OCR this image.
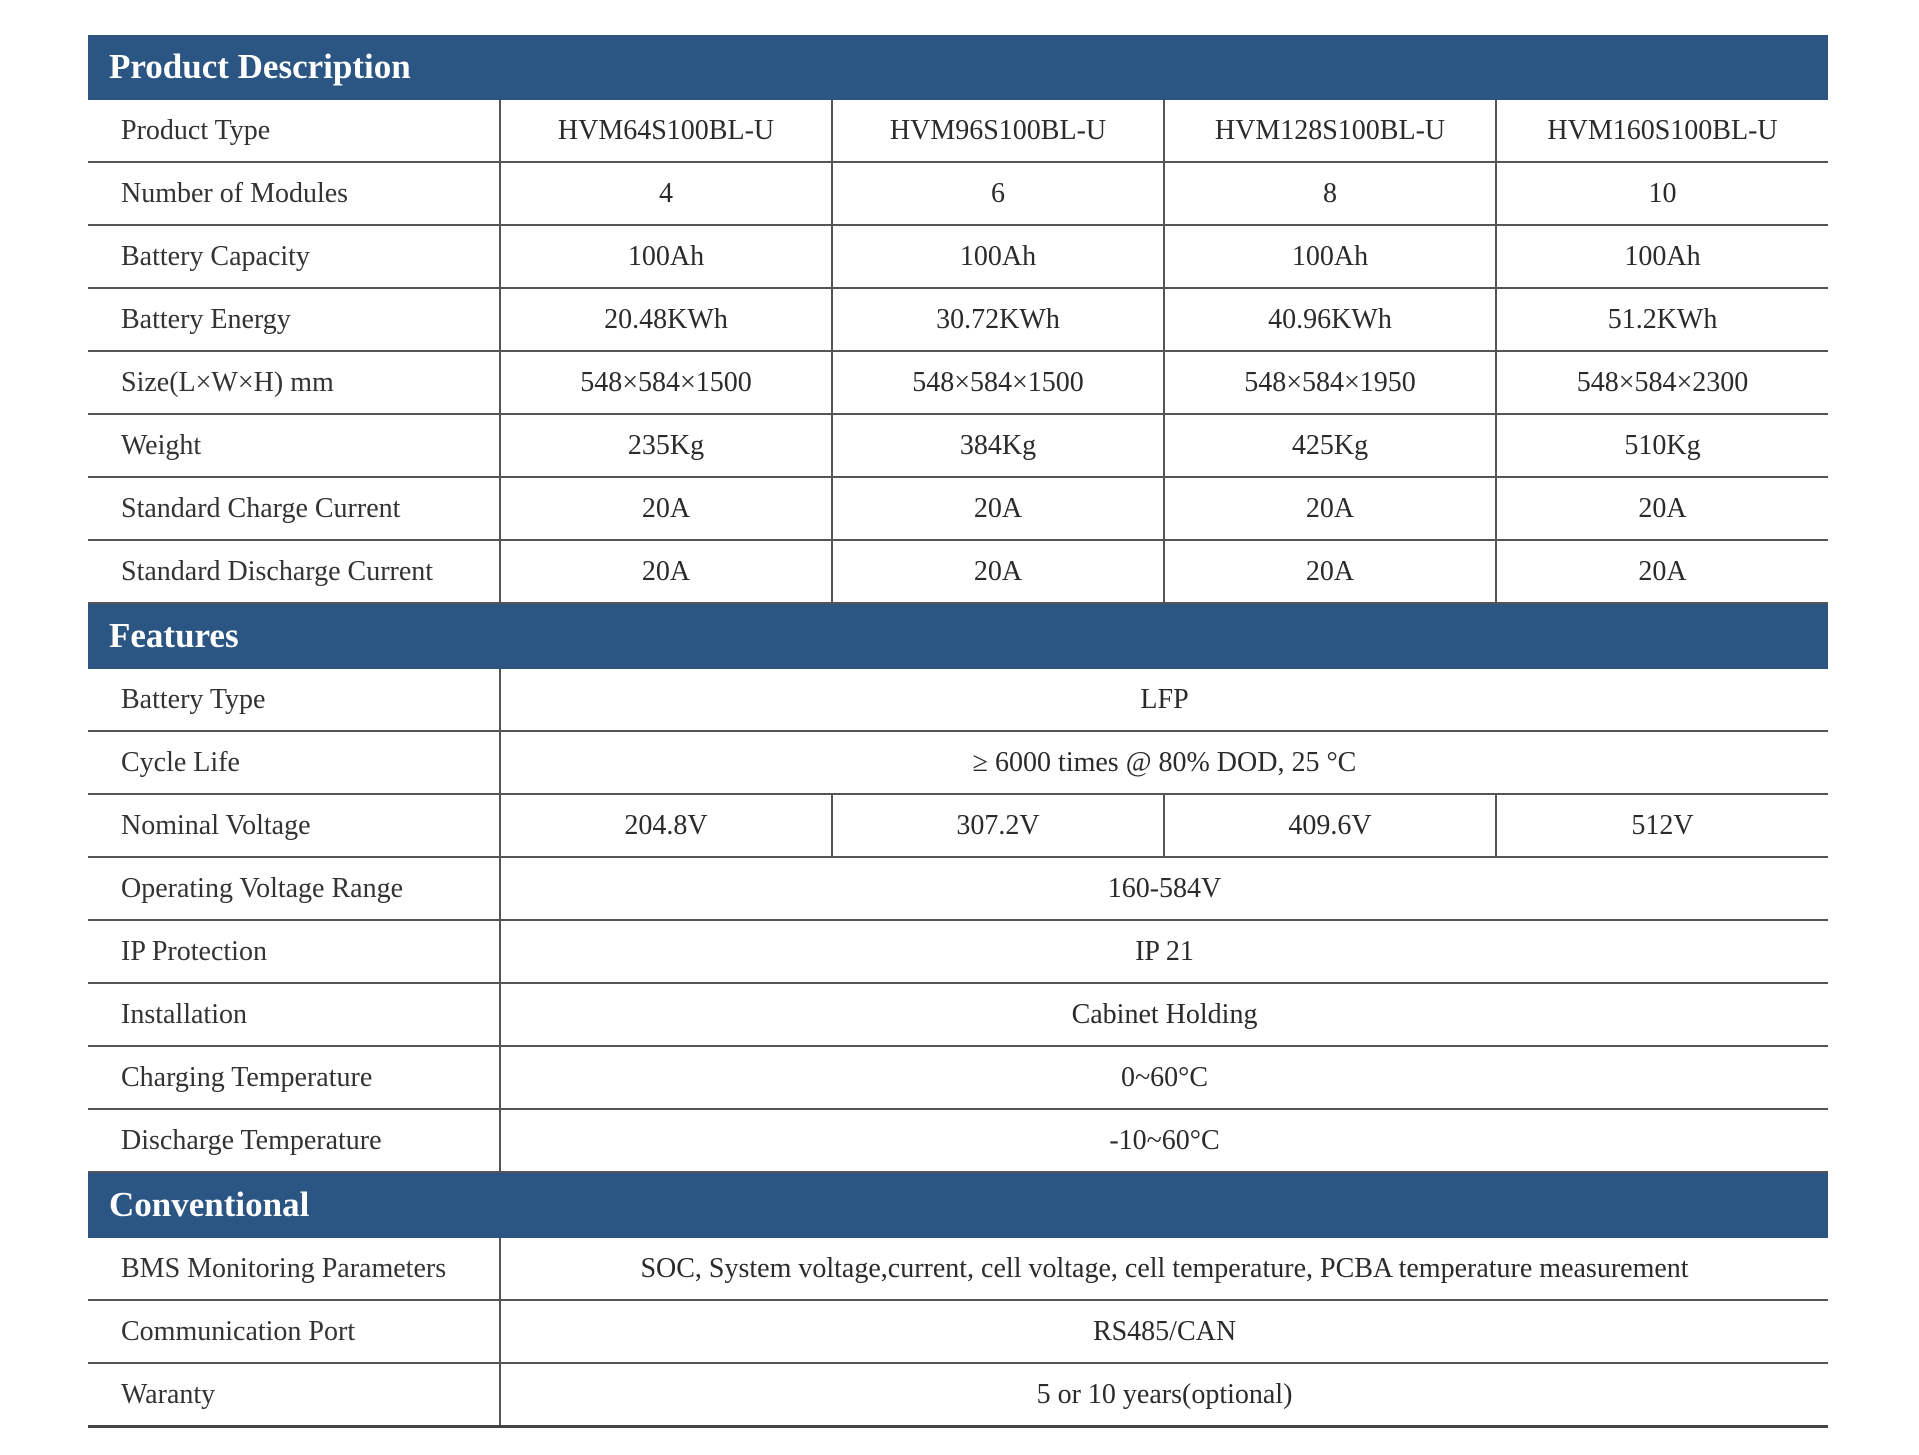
Product Description				
Product Type	HVM64S100BL-U	HVM96S100BL-U	HVM128S100BL-U	HVM160S100BL-U
Number of Modules	4	6	8	10
Battery Capacity	100Ah	100Ah	100Ah	100Ah
Battery Energy	20.48KWh	30.72KWh	40.96KWh	51.2KWh
Size(L×W×H) mm	548×584×1500	548×584×1500	548×584×1950	548×584×2300
Weight	235Kg	384Kg	425Kg	510Kg
Standard Charge Current	20A	20A	20A	20A
Standard Discharge Current	20A	20A	20A	20A
Features				
Battery Type	LFP			
Cycle Life	≥ 6000 times @ 80% DOD, 25 °C			
Nominal Voltage	204.8V	307.2V	409.6V	512V
Operating Voltage Range	160-584V			
IP Protection	IP 21			
Installation	Cabinet Holding			
Charging Temperature	0~60°C			
Discharge Temperature	-10~60°C			
Conventional				
BMS Monitoring Parameters	SOC, System voltage,current, cell voltage, cell temperature, PCBA temperature measurement			
Communication Port	RS485/CAN			
Waranty	5 or 10 years(optional)			
